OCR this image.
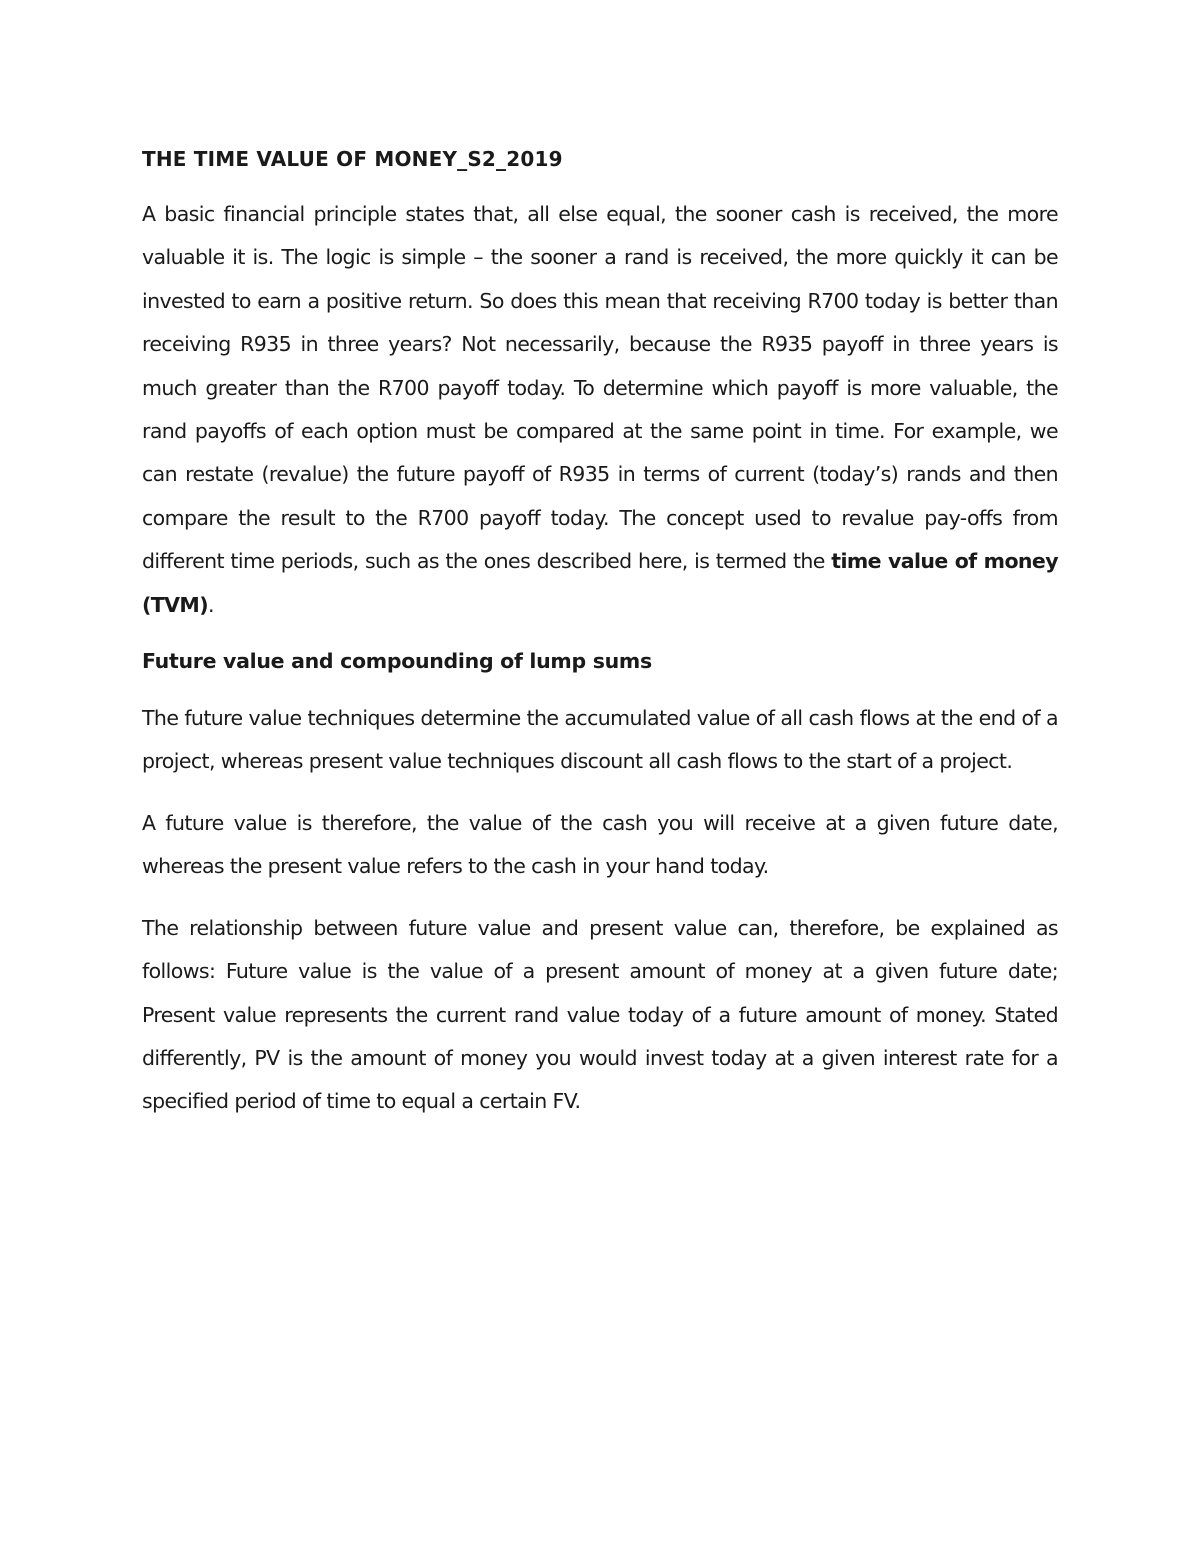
THE TIME VALUE OF MONEY_S2_2019

A basic financial principle states that, all else equal, the sooner cash is received, the more valuable it is. The logic is simple – the sooner a rand is received, the more quickly it can be invested to earn a positive return. So does this mean that receiving R700 today is better than receiving R935 in three years? Not necessarily, because the R935 payoff in three years is much greater than the R700 payoff today. To determine which payoff is more valuable, the rand payoffs of each option must be compared at the same point in time. For example, we can restate (revalue) the future payoff of R935 in terms of current (today’s) rands and then compare the result to the R700 payoff today. The concept used to revalue pay-offs from different time periods, such as the ones described here, is termed the time value of money (TVM).

Future value and compounding of lump sums

The future value techniques determine the accumulated value of all cash flows at the end of a project, whereas present value techniques discount all cash flows to the start of a project.

A future value is therefore, the value of the cash you will receive at a given future date, whereas the present value refers to the cash in your hand today.

The relationship between future value and present value can, therefore, be explained as follows: Future value is the value of a present amount of money at a given future date; Present value represents the current rand value today of a future amount of money. Stated differently, PV is the amount of money you would invest today at a given interest rate for a specified period of time to equal a certain FV.
